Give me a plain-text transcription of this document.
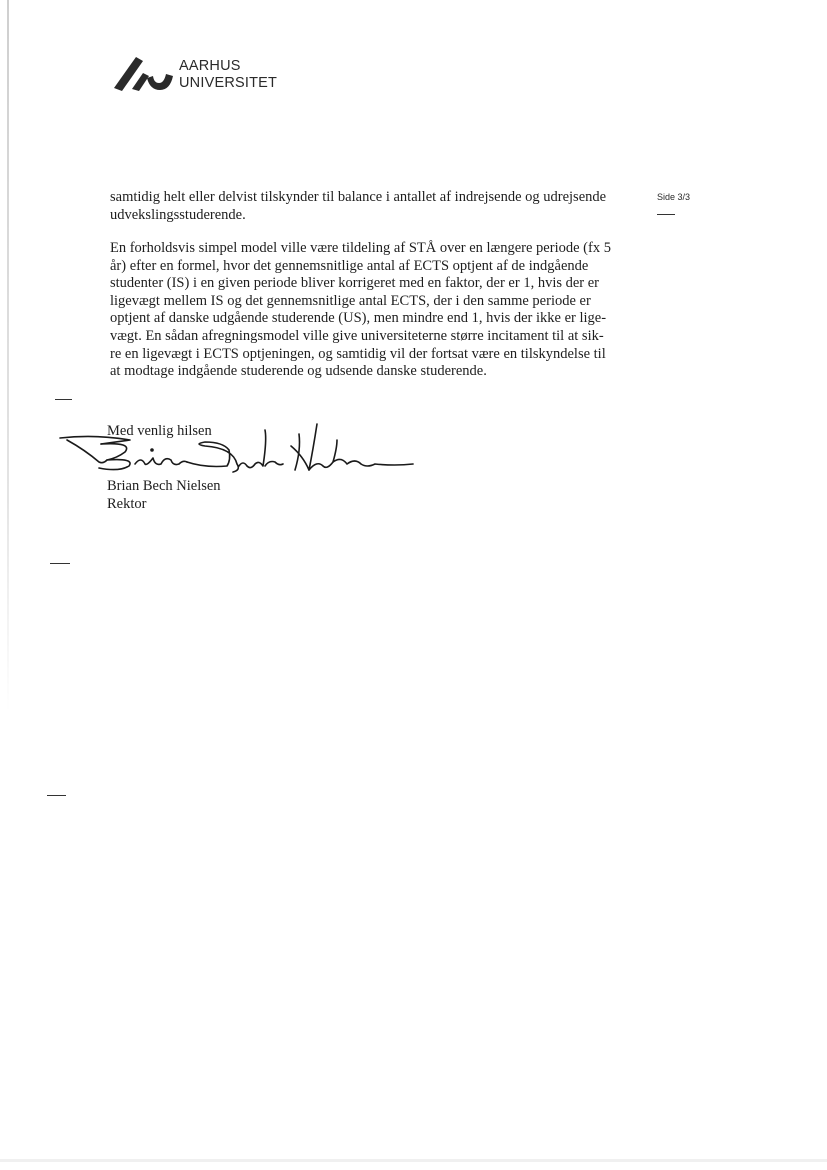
AARHUS
UNIVERSITET
Side 3/3

samtidig helt eller delvist tilskynder til balance i antallet af indrejsende og udrejsende
udvekslingsstuderende.

En forholdsvis simpel model ville være tildeling af STÅ over en længere periode (fx 5
år) efter en formel, hvor det gennemsnitlige antal af ECTS optjent af de indgående
studenter (IS) i en given periode bliver korrigeret med en faktor, der er 1, hvis der er
ligevægt mellem IS og det gennemsnitlige antal ECTS, der i den samme periode er
optjent af danske udgående studerende (US), men mindre end 1, hvis der ikke er lige-
vægt. En sådan afregningsmodel ville give universiteterne større incitament til at sik-
re en ligevægt i ECTS optjeningen, og samtidig vil der fortsat være en tilskyndelse til
at modtage indgående studerende og udsende danske studerende.

Med venlig hilsen
Brian Bech Nielsen
Rektor
